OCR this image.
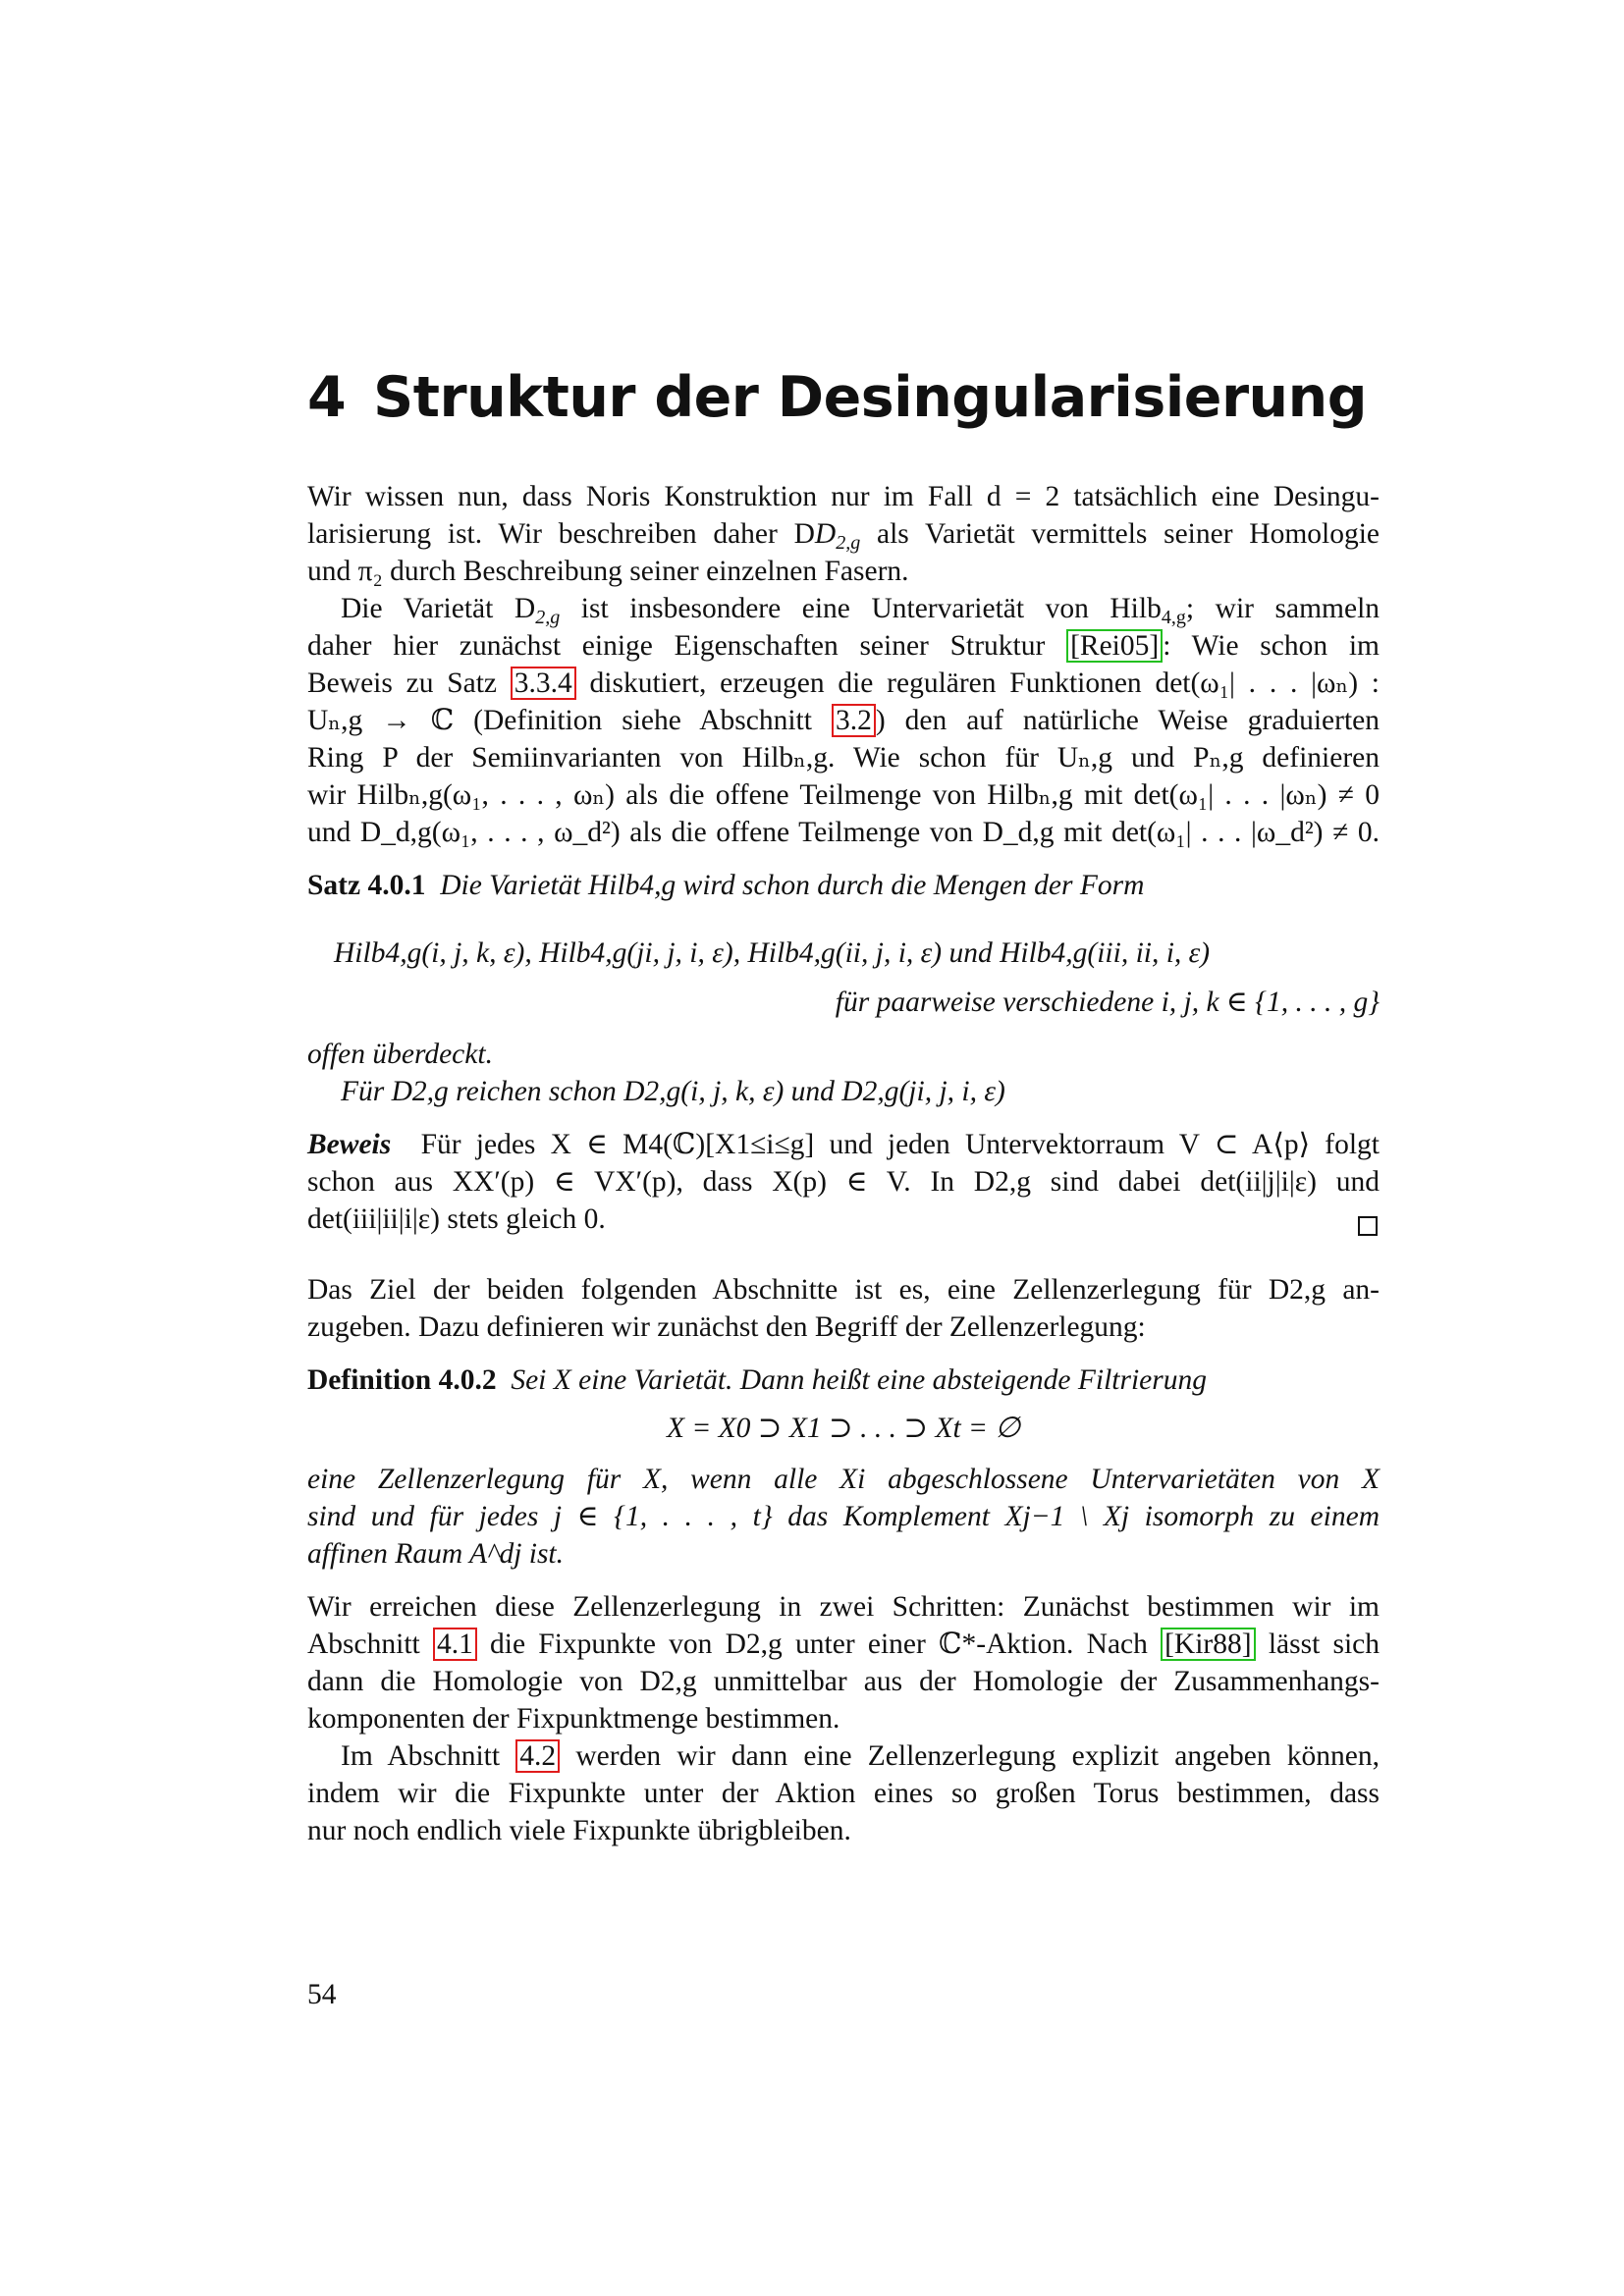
4 Struktur der Desingularisierung
Wir wissen nun, dass Noris Konstruktion nur im Fall d = 2 tatsächlich eine Desingu-
larisierung ist. Wir beschreiben daher $DD_{2,g}$ als Varietät vermittels seiner Homologie
und π₂ durch Beschreibung seiner einzelnen Fasern.
Die Varietät $D_{2,g}$ ist insbesondere eine Untervarietät von Hilb$_{4,g}$; wir sammeln
daher hier zunächst einige Eigenschaften seiner Struktur [Rei05] : Wie schon im
Beweis zu Satz 3.3.4 diskutiert, erzeugen die regulären Funktionen det(ω₁| . . . |ωₙ) :
Uₙ,g → ℂ (Definition siehe Abschnitt 3.2 ) den auf natürliche Weise graduierten
Ring P der Semiinvarianten von Hilbₙ,g. Wie schon für Uₙ,g und Pₙ,g definieren
wir Hilbₙ,g(ω₁, . . . , ωₙ) als die offene Teilmenge von Hilbₙ,g mit det(ω₁| . . . |ωₙ) ≠ 0
und D_d,g(ω₁, . . . , ω_d²) als die offene Teilmenge von D_d,g mit det(ω₁| . . . |ω_d²) ≠ 0.
Satz 4.0.1 Die Varietät Hilb4,g wird schon durch die Mengen der Form
Hilb4,g(i, j, k, ε), Hilb4,g(ji, j, i, ε), Hilb4,g(ii, j, i, ε) und Hilb4,g(iii, ii, i, ε)
für paarweise verschiedene i, j, k ∈ {1, . . . , g}
offen überdeckt.
Für D2,g reichen schon D2,g(i, j, k, ε) und D2,g(ji, j, i, ε)
Beweis Für jedes X ∈ M4(ℂ)[X1≤i≤g] und jeden Untervektorraum V ⊂ A⟨p⟩ folgt
schon aus XX′(p) ∈ VX′(p), dass X(p) ∈ V. In D2,g sind dabei det(ii|j|i|ε) und
det(iii|ii|i|ε) stets gleich 0.
Das Ziel der beiden folgenden Abschnitte ist es, eine Zellenzerlegung für D2,g an-
zugeben. Dazu definieren wir zunächst den Begriff der Zellenzerlegung:
Definition 4.0.2 Sei X eine Varietät. Dann heißt eine absteigende Filtrierung
X = X0 ⊃ X1 ⊃ . . . ⊃ Xt = ∅
eine Zellenzerlegung für X, wenn alle Xi abgeschlossene Untervarietäten von X
sind und für jedes j ∈ {1, . . . , t} das Komplement Xj−1 \ Xj isomorph zu einem
affinen Raum A^dj ist.
Wir erreichen diese Zellenzerlegung in zwei Schritten: Zunächst bestimmen wir im
Abschnitt 4.1 die Fixpunkte von D2,g unter einer ℂ*-Aktion. Nach [Kir88] lässt sich
dann die Homologie von D2,g unmittelbar aus der Homologie der Zusammenhangs-
komponenten der Fixpunktmenge bestimmen.
Im Abschnitt 4.2 werden wir dann eine Zellenzerlegung explizit angeben können,
indem wir die Fixpunkte unter der Aktion eines so großen Torus bestimmen, dass
nur noch endlich viele Fixpunkte übrigbleiben.
54
